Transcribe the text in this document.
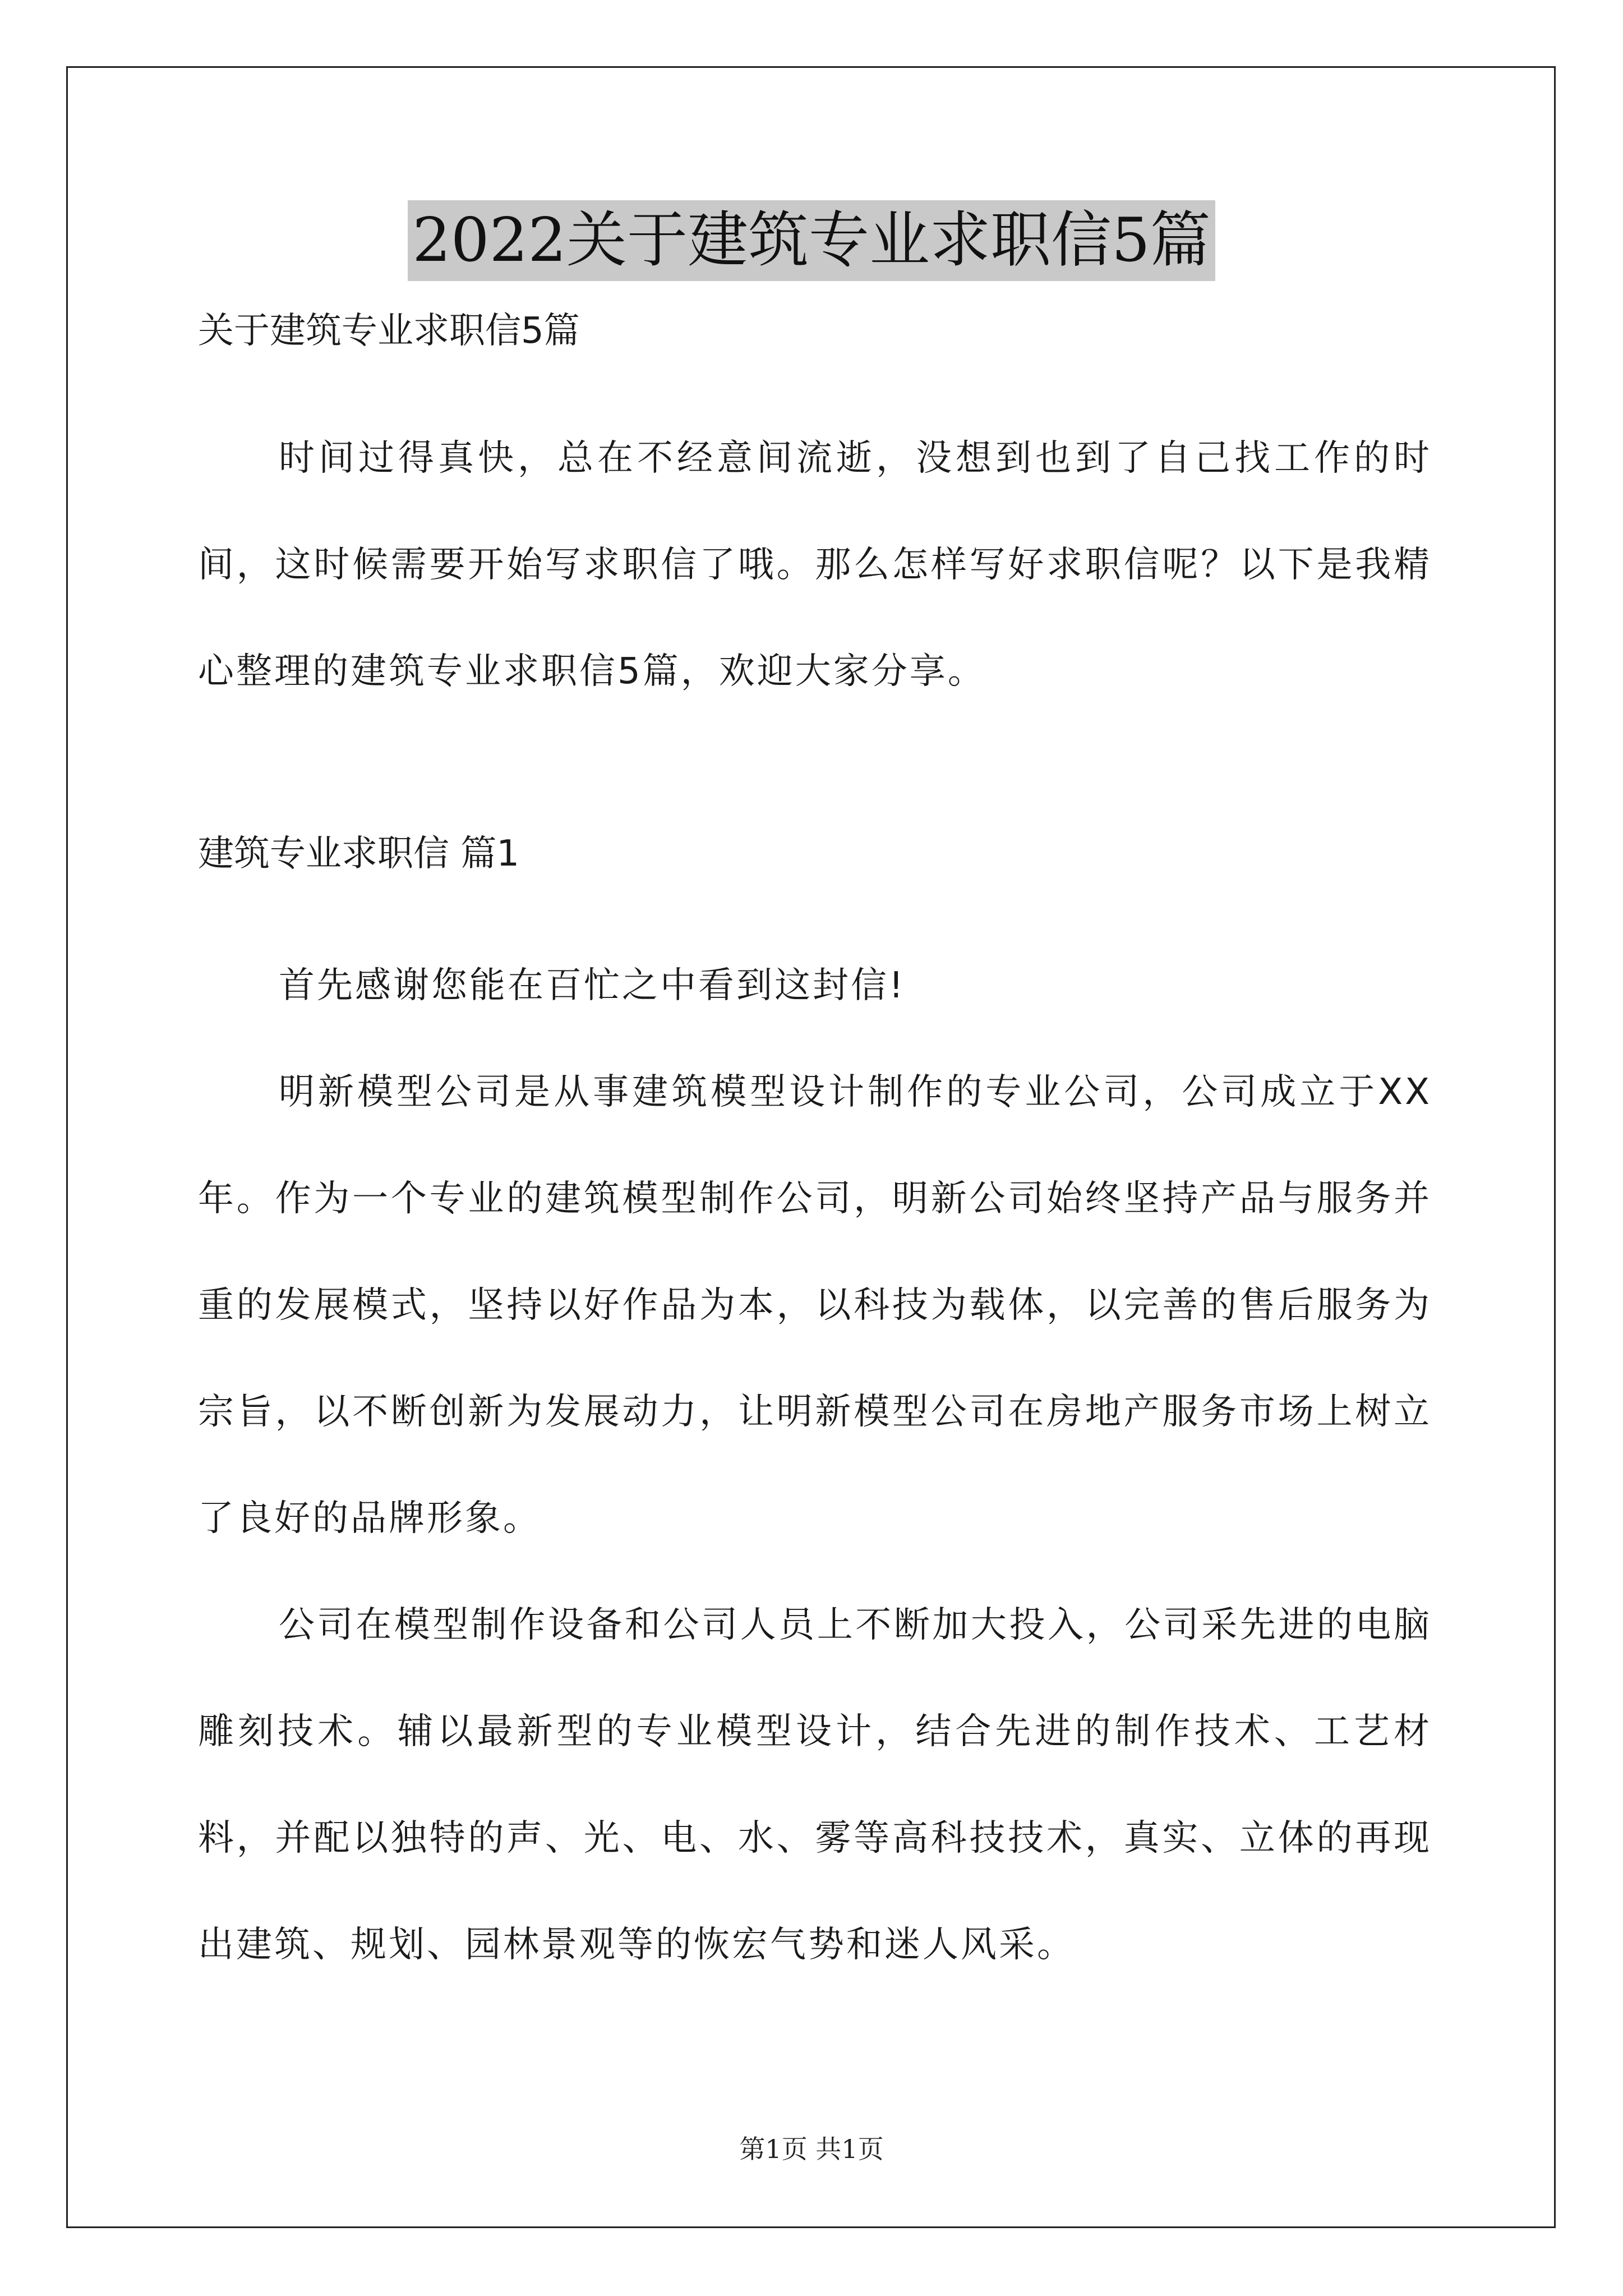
2022关于建筑专业求职信5篇

关于建筑专业求职信5篇

时间过得真快，总在不经意间流逝，没想到也到了自己找工作的时间，这时候需要开始写求职信了哦。那么怎样写好求职信呢？以下是我精心整理的建筑专业求职信5篇，欢迎大家分享。

建筑专业求职信 篇1

首先感谢您能在百忙之中看到这封信!

明新模型公司是从事建筑模型设计制作的专业公司，公司成立于XX年。作为一个专业的建筑模型制作公司，明新公司始终坚持产品与服务并重的发展模式，坚持以好作品为本，以科技为载体，以完善的售后服务为宗旨，以不断创新为发展动力，让明新模型公司在房地产服务市场上树立了良好的品牌形象。

公司在模型制作设备和公司人员上不断加大投入，公司采先进的电脑雕刻技术。辅以最新型的专业模型设计，结合先进的制作技术、工艺材料，并配以独特的声、光、电、水、雾等高科技技术，真实、立体的再现出建筑、规划、园林景观等的恢宏气势和迷人风采。

第1页 共1页
